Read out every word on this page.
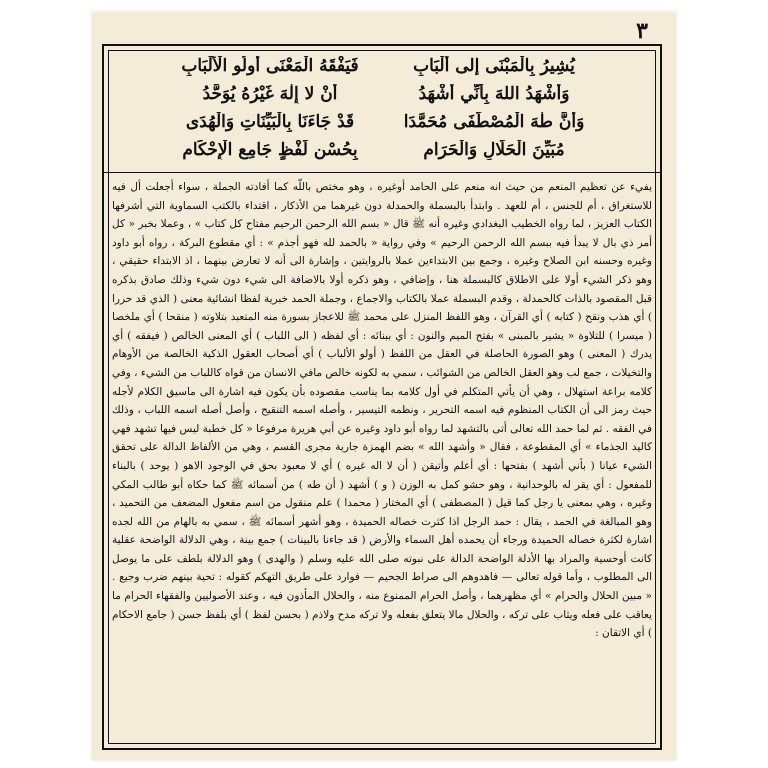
٣
يُشِيرُ بِالْمَبْنَى إلى أَلْبَابِ
فَيَفْقَهُ الْمَعْنَى أُولُو الْأَلْبَابِ
وَأَشْهَدُ اللهَ بِأَنِّي أَشْهَدُ
أَنْ لا إِلٰهَ غَيْرُهُ يُوَحَّدُ
وَأَنَّ طٰهَ الْمُصْطَفَى مُحَمَّدَا
قَدْ جَاءَنَا بِالْبَيِّنَاتِ وَالْهُدَى
مُبَيِّنَ الْحَلَالِ وَالْحَرَامِ
بِحُسْنِ لَفْظٍ جَامِعِ الْإِحْكَامِ

يفيء عن تعظيم المنعم من حيث انه منعم على الحامد أوغيره ، وهو مختص باللّه كما أفادته الجملة ، سواء أجعلت أل فيه للاستغراق ، أم للجنس ، أم للعهد . وابتدأ بالبسملة والحمدلة دون غيرهما من الأذكار ، اقتداء بالكتب السماوية التي أشرفها الكتاب العزيز ، لما رواه الخطيب البغدادي وغيره أنه ﷺ قال « بسم الله الرحمن الرحيم مفتاح كل كتاب » ، وعملا بخبر « كل أمر ذي بال لا يبدأ فيه ببسم الله الرحمن الرحيم » وفي رواية « بالحمد لله فهو أجذم » : أي مقطوع البركة ، رواه أبو داود وغيره وحسنه ابن الصلاح وغيره ، وجمع بين الابتداءين عملا بالروايتين ، وإشارة الى أنه لا تعارض بينهما ، اذ الابتداء حقيقي ، وهو ذكر الشيء أولا على الاطلاق كالبسملة هنا ، وإضافي ، وهو ذكره أولا بالاضافة الى شيء دون شيء وذلك صادق بذكره قبل المقصود بالذات كالحمدلة ، وقدم البسملة عملا بالكتاب والاجماع ، وجملة الحمد خبرية لفظا انشائية معنى ( الذي قد حررا ) أي هذب ونقح ( كتابه ) أي القرآن ، وهو اللفظ المنزل على محمد ﷺ للاعجاز بسورة منه المتعبد بتلاوته ( منقحا ) أي ملخصا ( ميسرا ) للتلاوة « يشير بالمبنى » بفتح الميم والنون : أي ببنائه : أي لفظه ( الى اللباب ) أي المعنى الخالص ( فيفقه ) أي يدرك ( المعنى ) وهو الصورة الحاصلة في العقل من اللفظ ( أولو الألباب ) أي أصحاب العقول الذكية الخالصة من الأوهام والتخيلات ، جمع لب وهو العقل الخالص من الشوائب ، سمي به لكونه خالص مافي الانسان من قواه كاللباب من الشيء ، وفي كلامه براعة استهلال ، وهي أن يأتي المتكلم في أول كلامه بما يناسب مقصوده بأن يكون فيه اشارة الى ماسيق الكلام لأجله حيث رمز الى أن الكتاب المنظوم فيه اسمه التحرير ، ونظمه التيسير ، وأصله اسمه التنقيح ، وأصل أصله اسمه اللباب ، وذلك في الفقه . ثم لما حمد الله تعالى أتى بالتشهد لما رواه أبو داود وغيره عن أبي هريرة مرفوعا « كل خطبة ليس فيها تشهد فهي كاليد الجذماء » أي المقطوعة ، فقال « وأشهد الله » بضم الهمزة جارية مجرى القسم ، وهي من الألفاظ الدالة على تحقق الشيء عيانا ( بأني أشهد ) بفتحها : أي أعلم وأتيقن ( أن لا اله غيره ) أي لا معبود بحق في الوجود الاهو ( يوحد ) بالبناء للمفعول : أي يقر له بالوحدانية ، وهو حشو كمل به الوزن ( و ) أشهد ( أن طه ) من أسمائه ﷺ كما حكاه أبو طالب المكي وغيره ، وهي بمعنى يا رجل كما قيل ( المصطفى ) أي المختار ( محمدا ) علم منقول من اسم مفعول المضعف من التحميد ، وهو المبالغة في الحمد ، يقال : حمد الرجل اذا كثرت خصاله الحميدة ، وهو أشهر أسمائه ﷺ ، سمي به بالهام من الله لجده اشارة لكثرة خصاله الحميدة ورجاء أن يحمده أهل السماء والأرض ( قد جاءنا بالبينات ) جمع بينة ، وهي الدلالة الواضحة عقلية كانت أوحسية والمراد بها الأدلة الواضحة الدالة على نبوته صلى الله عليه وسلم ( والهدى ) وهو الدلالة بلطف على ما يوصل الى المطلوب ، وأما قوله تعالى — فاهدوهم الى صراط الجحيم — فوارد على طريق التهكم كقوله : تحية بينهم ضرب وجيع . « مبين الحلال والحرام » أي مظهرهما ، وأصل الحرام الممنوع منه ، والحلال المأذون فيه ، وعند الأصوليين والفقهاء الحرام ما يعاقب على فعله ويثاب على تركه ، والحلال مالا يتعلق بفعله ولا تركه مدح ولاذم ( بحسن لفظ ) أي بلفظ حسن ( جامع الاحكام ) أي الاتقان :
